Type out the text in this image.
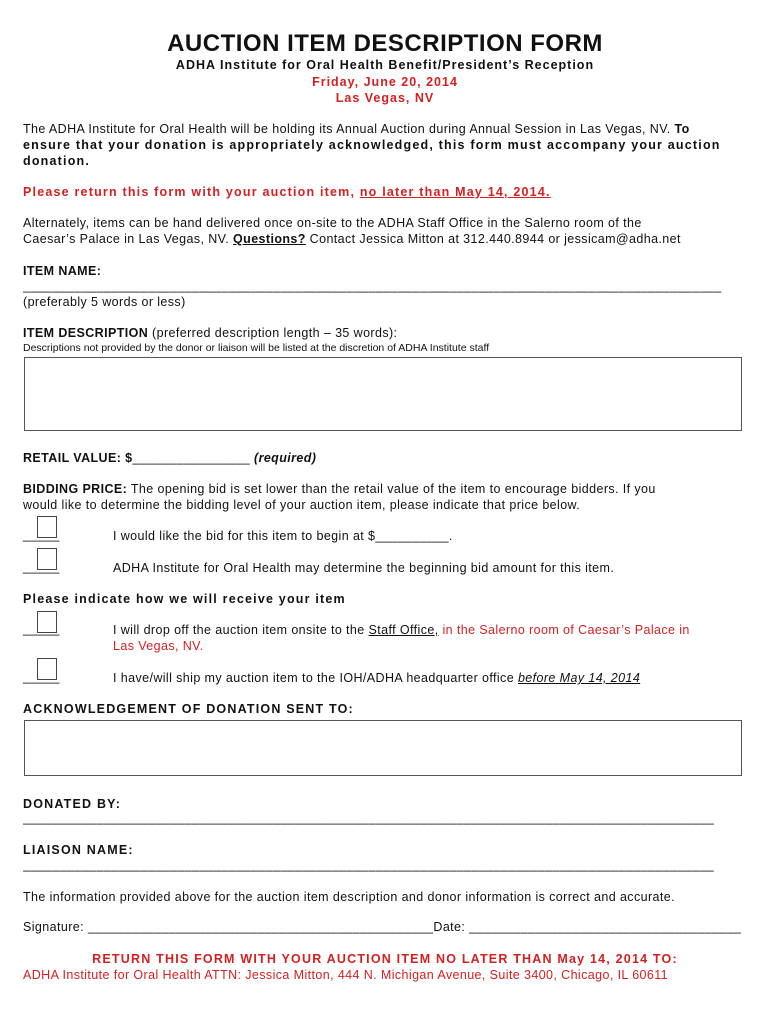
AUCTION ITEM DESCRIPTION FORM
ADHA Institute for Oral Health Benefit/President’s Reception
Friday, June 20, 2014
Las Vegas, NV
The ADHA Institute for Oral Health will be holding its Annual Auction during Annual Session in Las Vegas, NV. To
ensure that your donation is appropriately acknowledged, this form must accompany your auction
donation.
Please return this form with your auction item, no later than May 14, 2014.
Alternately, items can be hand delivered once on-site to the ADHA Staff Office in the Salerno room of the
Caesar’s Palace in Las Vegas, NV. Questions? Contact Jessica Mitton at 312.440.8944 or jessicam@adha.net
ITEM NAME:
_______________________________________________________________________________________________
(preferably 5 words or less)
ITEM DESCRIPTION (preferred description length – 35 words):
Descriptions not provided by the donor or liaison will be listed at the discretion of ADHA Institute staff
RETAIL VALUE: $________________ (required)
BIDDING PRICE: The opening bid is set lower than the retail value of the item to encourage bidders. If you
would like to determine the bidding level of your auction item, please indicate that price below.
_____	I would like the bid for this item to begin at $__________.
_____	ADHA Institute for Oral Health may determine the beginning bid amount for this item.
Please indicate how we will receive your item
_____	I will drop off the auction item onsite to the Staff Office, in the Salerno room of Caesar’s Palace in
Las Vegas, NV.
_____	I have/will ship my auction item to the IOH/ADHA headquarter office before May 14, 2014
ACKNOWLEDGEMENT OF DONATION SENT TO:
DONATED BY:
______________________________________________________________________________________________
LIAISON NAME:
______________________________________________________________________________________________
The information provided above for the auction item description and donor information is correct and accurate.
Signature: _______________________________________________Date: _____________________________________
RETURN THIS FORM WITH YOUR AUCTION ITEM NO LATER THAN May 14, 2014 TO:
ADHA Institute for Oral Health ATTN: Jessica Mitton, 444 N. Michigan Avenue, Suite 3400, Chicago, IL 60611
